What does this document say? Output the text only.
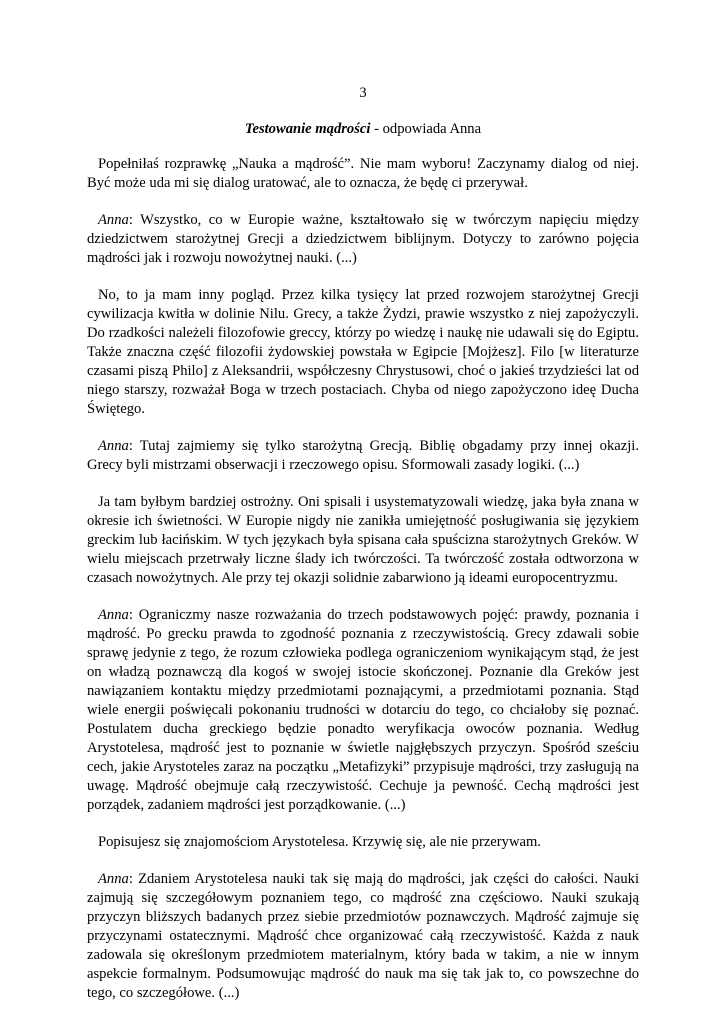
3
Testowanie mądrości - odpowiada Anna

Popełniłaś rozprawkę „Nauka a mądrość”. Nie mam wyboru! Zaczynamy dialog od niej. Być może uda mi się dialog uratować, ale to oznacza, że będę ci przerywał.

Anna: Wszystko, co w Europie ważne, kształtowało się w twórczym napięciu między dziedzictwem starożytnej Grecji a dziedzictwem biblijnym. Dotyczy to zarówno pojęcia mądrości jak i rozwoju nowożytnej nauki. (...)

No, to ja mam inny pogląd. Przez kilka tysięcy lat przed rozwojem starożytnej Grecji cywilizacja kwitła w dolinie Nilu. Grecy, a także Żydzi, prawie wszystko z niej zapożyczyli. Do rzadkości należeli filozofowie greccy, którzy po wiedzę i naukę nie udawali się do Egiptu. Także znaczna część filozofii żydowskiej powstała w Egipcie [Mojżesz]. Filo [w literaturze czasami piszą Philo] z Aleksandrii, współczesny Chrystusowi, choć o jakieś trzydzieści lat od niego starszy, rozważał Boga w trzech postaciach. Chyba od niego zapożyczono ideę Ducha Świętego.

Anna: Tutaj zajmiemy się tylko starożytną Grecją. Biblię obgadamy przy innej okazji. Grecy byli mistrzami obserwacji i rzeczowego opisu. Sformowali zasady logiki. (...)

Ja tam byłbym bardziej ostrożny. Oni spisali i usystematyzowali wiedzę, jaka była znana w okresie ich świetności. W Europie nigdy nie zanikła umiejętność posługiwania się językiem greckim lub łacińskim. W tych językach była spisana cała spuścizna starożytnych Greków. W wielu miejscach przetrwały liczne ślady ich twórczości. Ta twórczość została odtworzona w czasach nowożytnych. Ale przy tej okazji solidnie zabarwiono ją ideami europocentryzmu.

Anna: Ograniczmy nasze rozważania do trzech podstawowych pojęć: prawdy, poznania i mądrość. Po grecku prawda to zgodność poznania z rzeczywistością. Grecy zdawali sobie sprawę jedynie z tego, że rozum człowieka podlega ograniczeniom wynikającym stąd, że jest on władzą poznawczą dla kogoś w swojej istocie skończonej. Poznanie dla Greków jest nawiązaniem kontaktu między przedmiotami poznającymi, a przedmiotami poznania. Stąd wiele energii poświęcali pokonaniu trudności w dotarciu do tego, co chciałoby się poznać. Postulatem ducha greckiego będzie ponadto weryfikacja owoców poznania. Według Arystotelesa, mądrość jest to poznanie w świetle najgłębszych przyczyn. Spośród sześciu cech, jakie Arystoteles zaraz na początku „Metafizyki” przypisuje mądrości, trzy zasługują na uwagę. Mądrość obejmuje całą rzeczywistość. Cechuje ja pewność. Cechą mądrości jest porządek, zadaniem mądrości jest porządkowanie. (...)

Popisujesz się znajomościom Arystotelesa. Krzywię się, ale nie przerywam.

Anna: Zdaniem Arystotelesa nauki tak się mają do mądrości, jak części do całości. Nauki zajmują się szczegółowym poznaniem tego, co mądrość zna częściowo. Nauki szukają przyczyn bliższych badanych przez siebie przedmiotów poznawczych. Mądrość zajmuje się przyczynami ostatecznymi. Mądrość chce organizować całą rzeczywistość. Każda z nauk zadowala się określonym przedmiotem materialnym, który bada w takim, a nie w innym aspekcie formalnym. Podsumowując mądrość do nauk ma się tak jak to, co powszechne do tego, co szczegółowe. (...)
